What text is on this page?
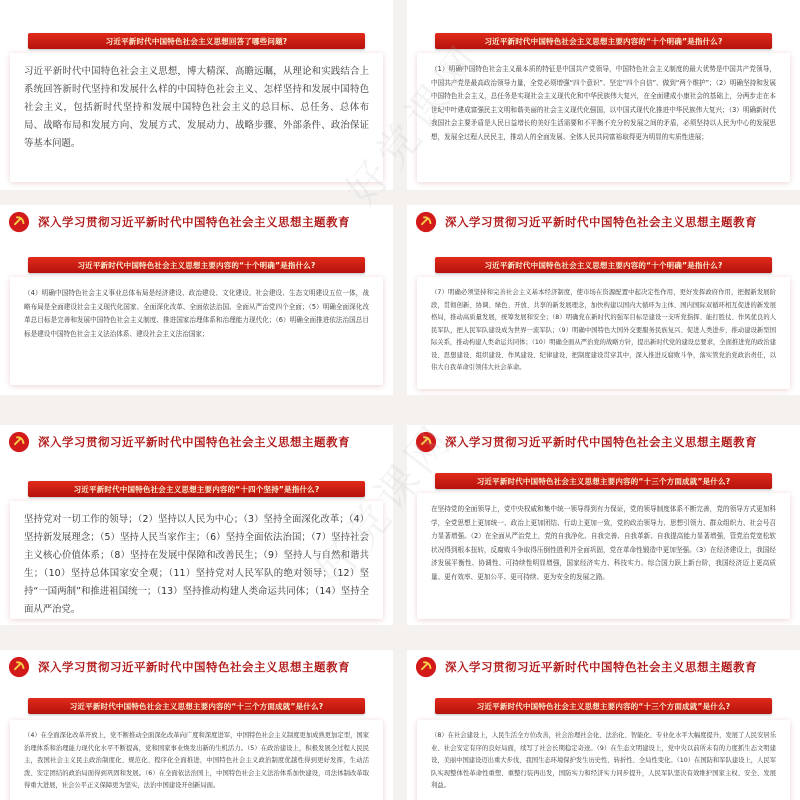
习近平新时代中国特色社会主义思想回答了哪些问题?
习近平新时代中国特色社会主义思想，博大精深、高瞻远瞩，从理论和实践结合上系统回答新时代坚持和发展什么样的中国特色社会主义、怎样坚持和发展中国特色社会主义，包括新时代坚持和发展中国特色社会主义的总目标、总任务、总体布局、战略布局和发展方向、发展方式、发展动力、战略步骤、外部条件、政治保证等基本问题。
习近平新时代中国特色社会主义思想主要内容的“十个明确”是指什么?
（1）明确中国特色社会主义最本质的特征是中国共产党领导，中国特色社会主义制度的最大优势是中国共产党领导，中国共产党是最高政治领导力量，全党必须增强“四个意识”、坚定“四个自信”、做到“两个维护”；（2）明确坚持和发展中国特色社会主义，总任务是实现社会主义现代化和中华民族伟大复兴，在全面建成小康社会的基础上，分两步走在本世纪中叶建成富强民主文明和谐美丽的社会主义现代化强国，以中国式现代化推进中华民族伟大复兴；（3）明确新时代我国社会主要矛盾是人民日益增长的美好生活需要和不平衡不充分的发展之间的矛盾，必须坚持以人民为中心的发展思想，发展全过程人民民主，推动人的全面发展、全体人民共同富裕取得更为明显的实质性进展；
深入学习贯彻习近平新时代中国特色社会主义思想主题教育
习近平新时代中国特色社会主义思想主要内容的“十个明确”是指什么?
（4）明确中国特色社会主义事业总体布局是经济建设、政治建设、文化建设、社会建设、生态文明建设五位一体，战略布局是全面建设社会主义现代化国家、全面深化改革、全面依法治国、全面从严治党四个全面；（5）明确全面深化改革总目标是完善和发展中国特色社会主义制度、推进国家治理体系和治理能力现代化；（6）明确全面推进依法治国总目标是建设中国特色社会主义法治体系、建设社会主义法治国家；
深入学习贯彻习近平新时代中国特色社会主义思想主题教育
习近平新时代中国特色社会主义思想主要内容的“十个明确”是指什么?
（7）明确必须坚持和完善社会主义基本经济制度，使市场在资源配置中起决定性作用，更好发挥政府作用，把握新发展阶段，贯彻创新、协调、绿色、开放、共享的新发展理念，加快构建以国内大循环为主体、国内国际双循环相互促进的新发展格局，推动高质量发展，统筹发展和安全；（8）明确党在新时代的强军目标是建设一支听党指挥、能打胜仗、作风优良的人民军队，把人民军队建设成为世界一流军队；（9）明确中国特色大国外交要服务民族复兴、促进人类进步，推动建设新型国际关系，推动构建人类命运共同体；（10）明确全面从严治党的战略方针，提出新时代党的建设总要求，全面推进党的政治建设、思想建设、组织建设、作风建设、纪律建设，把制度建设贯穿其中，深入推进反腐败斗争，落实管党治党政治责任，以伟大自我革命引领伟大社会革命。
深入学习贯彻习近平新时代中国特色社会主义思想主题教育
习近平新时代中国特色社会主义思想主要内容的“十四个坚持”是指什么?
坚持党对一切工作的领导；（2）坚持以人民为中心；（3）坚持全面深化改革；（4）坚持新发展理念；（5）坚持人民当家作主；（6）坚持全面依法治国；（7）坚持社会主义核心价值体系；（8）坚持在发展中保障和改善民生；（9）坚持人与自然和谐共生；（10）坚持总体国家安全观；（11）坚持党对人民军队的绝对领导；（12）坚持“一国两制”和推进祖国统一；（13）坚持推动构建人类命运共同体；（14）坚持全面从严治党。
深入学习贯彻习近平新时代中国特色社会主义思想主题教育
习近平新时代中国特色社会主义思想主要内容的“十三个方面成就”是什么?
在坚持党的全面领导上，党中央权威和集中统一领导得到有力保证，党的领导制度体系不断完善，党的领导方式更加科学，全党思想上更加统一、政治上更加团结、行动上更加一致，党的政治领导力、思想引领力、群众组织力、社会号召力显著增强。（2）在全面从严治党上，党的自我净化、自我完善、自我革新、自我提高能力显著增强，管党治党宽松软状况得到根本扭转，反腐败斗争取得压倒性胜利并全面巩固，党在革命性锻造中更加坚强。（3）在经济建设上，我国经济发展平衡性、协调性、可持续性明显增强，国家经济实力、科技实力、综合国力跃上新台阶，我国经济迈上更高质量、更有效率、更加公平、更可持续、更为安全的发展之路。
深入学习贯彻习近平新时代中国特色社会主义思想主题教育
习近平新时代中国特色社会主义思想主要内容的“十三个方面成就”是什么?
（4）在全面深化改革开放上，党不断推动全面深化改革向广度和深度进军，中国特色社会主义制度更加成熟更加定型，国家治理体系和治理能力现代化水平不断提高，党和国家事业焕发出新的生机活力。（5）在政治建设上，积极发展全过程人民民主，我国社会主义民主政治制度化、规范化、程序化全面推进，中国特色社会主义政治制度优越性得到更好发挥，生动活泼、安定团结的政治局面得到巩固和发展。（6）在全面依法治国上，中国特色社会主义法治体系加快建设，司法体制改革取得重大进展，社会公平正义保障更为坚实，法治中国建设开创新局面。
深入学习贯彻习近平新时代中国特色社会主义思想主题教育
习近平新时代中国特色社会主义思想主要内容的“十三个方面成就”是什么?
（8）在社会建设上，人民生活全方位改善，社会治理社会化、法治化、智能化、专业化水平大幅度提升，发展了人民安居乐业、社会安定有序的良好局面，续写了社会长期稳定奇迹。（9）在生态文明建设上，党中央以前所未有的力度抓生态文明建设，美丽中国建设迈出重大步伐，我国生态环境保护发生历史性、转折性、全局性变化。（10）在国防和军队建设上，人民军队实现整体性革命性重塑、重整行装再出发，国防实力和经济实力同步提升，人民军队坚决有效维护国家主权、安全、发展利益。
